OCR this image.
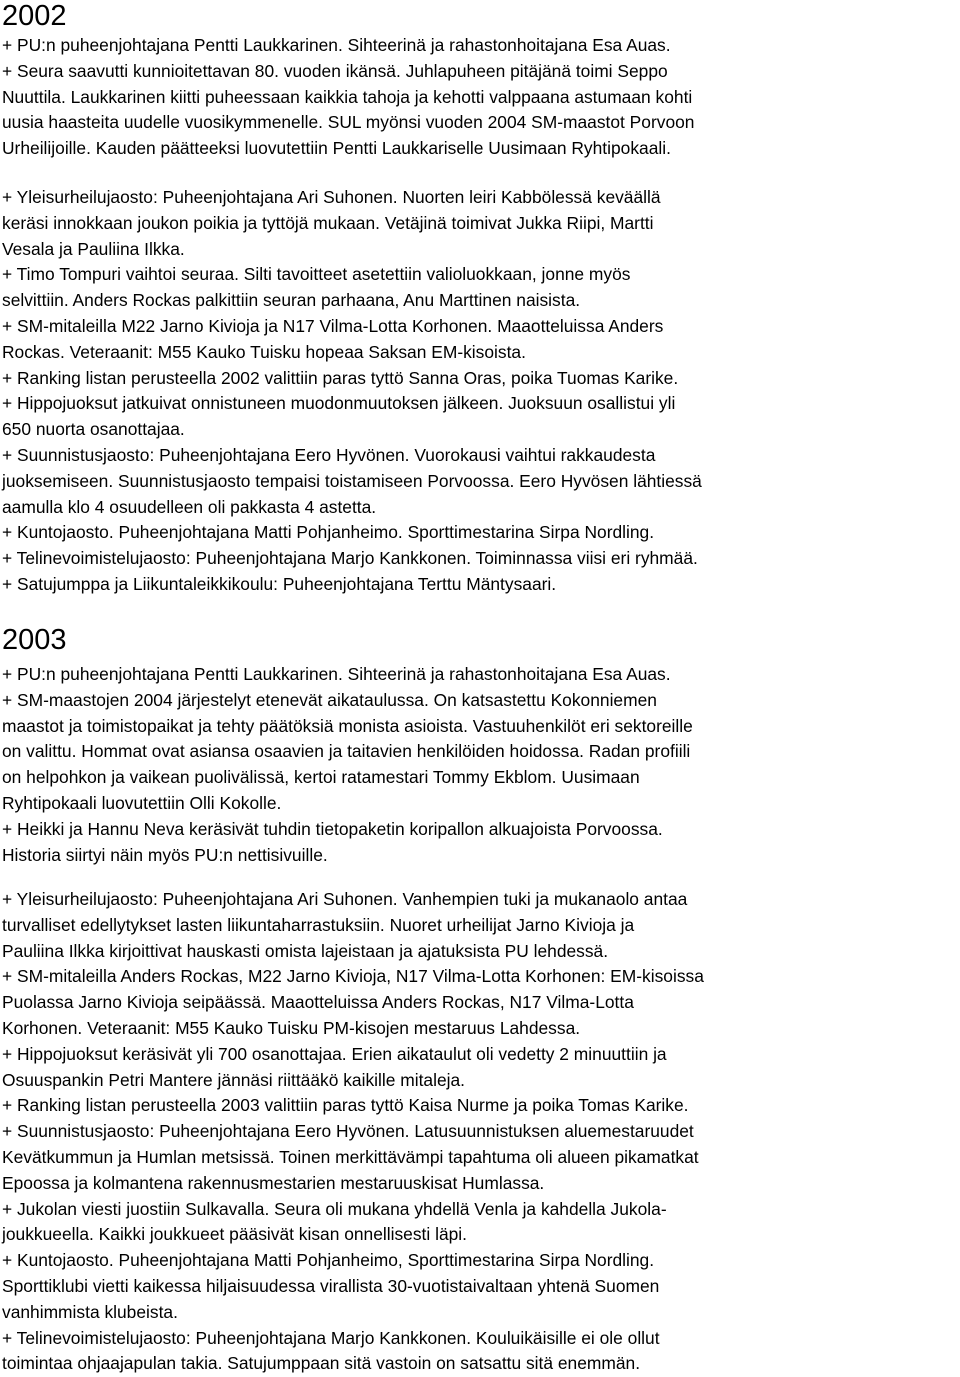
2002
+ PU:n puheenjohtajana Pentti Laukkarinen. Sihteerinä ja rahastonhoitajana Esa Auas.
+ Seura saavutti kunnioitettavan 80. vuoden ikänsä. Juhlapuheen pitäjänä toimi Seppo
Nuuttila. Laukkarinen kiitti puheessaan kaikkia tahoja ja kehotti valppaana astumaan kohti
uusia haasteita uudelle vuosikymmenelle. SUL myönsi vuoden 2004 SM-maastot Porvoon
Urheilijoille. Kauden päätteeksi luovutettiin Pentti Laukkariselle Uusimaan Ryhtipokaali.
+ Yleisurheilujaosto: Puheenjohtajana Ari Suhonen. Nuorten leiri Kabbölessä keväällä
keräsi innokkaan joukon poikia ja tyttöjä mukaan. Vetäjinä toimivat Jukka Riipi, Martti
Vesala ja Pauliina Ilkka.
+ Timo Tompuri vaihtoi seuraa. Silti tavoitteet asetettiin valioluokkaan, jonne myös
selvittiin. Anders Rockas palkittiin seuran parhaana, Anu Marttinen naisista.
+ SM-mitaleilla M22 Jarno Kivioja ja N17 Vilma-Lotta Korhonen. Maaotteluissa Anders
Rockas. Veteraanit: M55 Kauko Tuisku hopeaa Saksan EM-kisoista.
+ Ranking listan perusteella 2002 valittiin paras tyttö Sanna Oras, poika Tuomas Karike.
+ Hippojuoksut jatkuivat onnistuneen muodonmuutoksen jälkeen. Juoksuun osallistui yli
650 nuorta osanottajaa.
+ Suunnistusjaosto: Puheenjohtajana Eero Hyvönen. Vuorokausi vaihtui rakkaudesta
juoksemiseen. Suunnistusjaosto tempaisi toistamiseen Porvoossa. Eero Hyvösen lähtiessä
aamulla klo 4 osuudelleen oli pakkasta 4 astetta.
+ Kuntojaosto. Puheenjohtajana Matti Pohjanheimo. Sporttimestarina Sirpa Nordling.
+ Telinevoimistelujaosto: Puheenjohtajana Marjo Kankkonen. Toiminnassa viisi eri ryhmää.
+ Satujumppa ja Liikuntaleikkikoulu: Puheenjohtajana Terttu Mäntysaari.
2003
+ PU:n puheenjohtajana Pentti Laukkarinen. Sihteerinä ja rahastonhoitajana Esa Auas.
+ SM-maastojen 2004 järjestelyt etenevät aikataulussa. On katsastettu Kokonniemen
maastot ja toimistopaikat ja tehty päätöksiä monista asioista. Vastuuhenkilöt eri sektoreille
on valittu. Hommat ovat asiansa osaavien ja taitavien henkilöiden hoidossa. Radan profiili
on helpohkon ja vaikean puolivälissä, kertoi ratamestari Tommy Ekblom. Uusimaan
Ryhtipokaali luovutettiin Olli Kokolle.
+ Heikki ja Hannu Neva keräsivät tuhdin tietopaketin koripallon alkuajoista Porvoossa.
Historia siirtyi näin myös PU:n nettisivuille.
+ Yleisurheilujaosto: Puheenjohtajana Ari Suhonen. Vanhempien tuki ja mukanaolo antaa
turvalliset edellytykset lasten liikuntaharrastuksiin. Nuoret urheilijat Jarno Kivioja ja
Pauliina Ilkka kirjoittivat hauskasti omista lajeistaan ja ajatuksista PU lehdessä.
+ SM-mitaleilla Anders Rockas, M22 Jarno Kivioja, N17 Vilma-Lotta Korhonen: EM-kisoissa
Puolassa Jarno Kivioja seipäässä. Maaotteluissa Anders Rockas, N17 Vilma-Lotta
Korhonen. Veteraanit: M55 Kauko Tuisku PM-kisojen mestaruus Lahdessa.
+ Hippojuoksut keräsivät yli 700 osanottajaa. Erien aikataulut oli vedetty 2 minuuttiin ja
Osuuspankin Petri Mantere jännäsi riittääkö kaikille mitaleja.
+ Ranking listan perusteella 2003 valittiin paras tyttö Kaisa Nurme ja poika Tomas Karike.
+ Suunnistusjaosto: Puheenjohtajana Eero Hyvönen. Latusuunnistuksen aluemestaruudet
Kevätkummun ja Humlan metsissä. Toinen merkittävämpi tapahtuma oli alueen pikamatkat
Epoossa ja kolmantena rakennusmestarien mestaruuskisat Humlassa.
+ Jukolan viesti juostiin Sulkavalla. Seura oli mukana yhdellä Venla ja kahdella Jukola-
joukkueella. Kaikki joukkueet pääsivät kisan onnellisesti läpi.
+ Kuntojaosto. Puheenjohtajana Matti Pohjanheimo, Sporttimestarina Sirpa Nordling.
Sporttiklubi vietti kaikessa hiljaisuudessa virallista 30-vuotistaivaltaan yhtenä Suomen
vanhimmista klubeista.
+ Telinevoimistelujaosto: Puheenjohtajana Marjo Kankkonen. Kouluikäisille ei ole ollut
toimintaa ohjaajapulan takia. Satujumppaan sitä vastoin on satsattu sitä enemmän.
